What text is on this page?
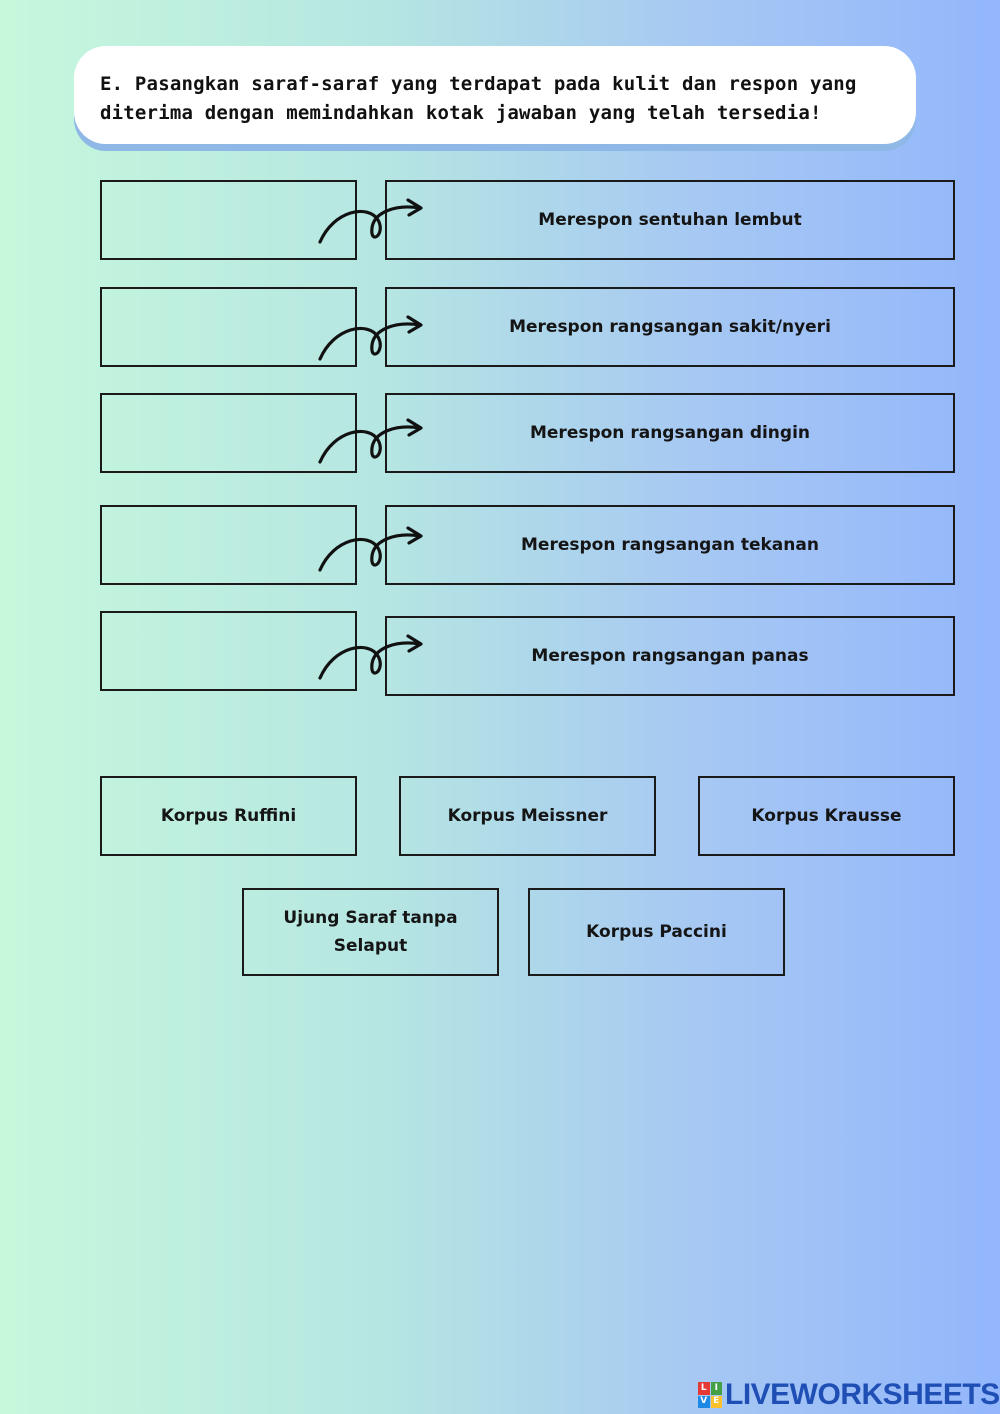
E. Pasangkan saraf-saraf yang terdapat pada kulit dan respon yang diterima dengan memindahkan kotak jawaban yang telah tersedia!

Merespon sentuhan lembut
Merespon rangsangan sakit/nyeri
Merespon rangsangan dingin
Merespon rangsangan tekanan
Merespon rangsangan panas
Korpus Ruffini	Korpus Meissner	Korpus Krausse
Ujung Saraf tanpa Selaput
Korpus Paccini
L I
V E LIVEWORKSHEETS
